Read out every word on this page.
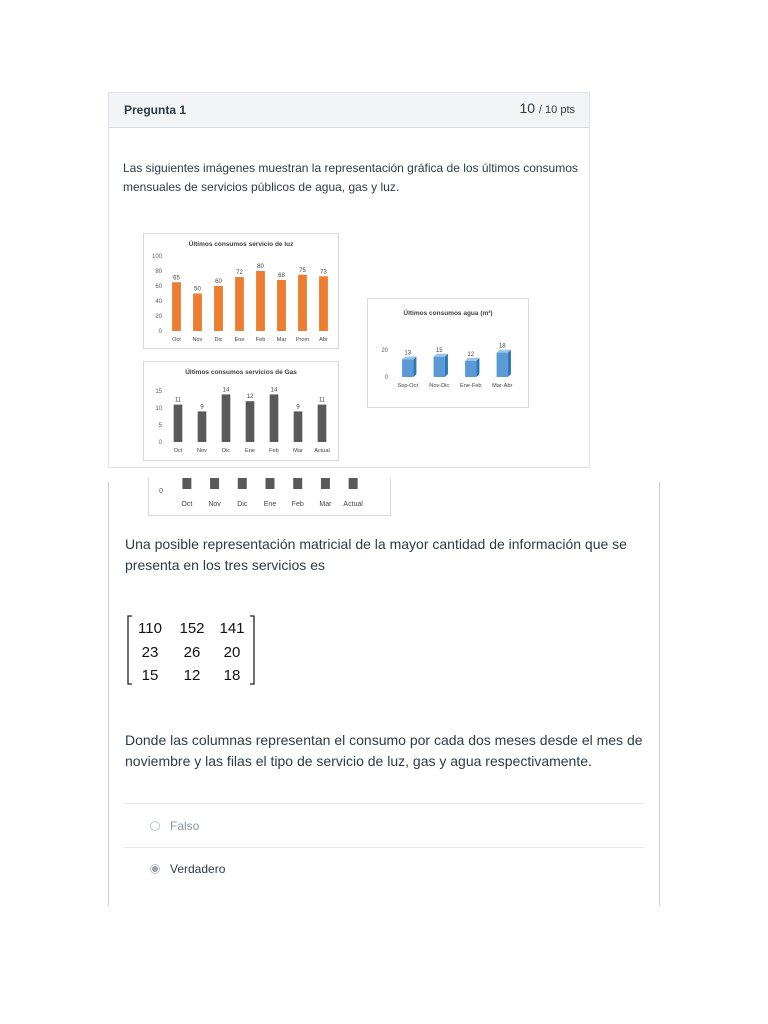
Pregunta 1	10 / 10 pts
Las siguientes imágenes muestran la representación gráfica de los últimos consumos mensuales de servicios públicos de agua, gas y luz.
Últimos consumos servicio de luz
0
20
40
60
80
100
65
Oct
50
Nov
60
Dic
72
Ene
80
Feb
68
Mar
75
Prom
73
Abr
Últimos consumos servicios de Gas
0
5
10
15
11
Oct
9
Nov
14
Dic
12
Ene
14
Feb
9
Mar
11
Actual
Últimos consumos agua (m³)
0
20	13
Sep-Oct
15
Nov-Dic
12
Ene-Feb
18
Mar-Abr
0
Oct Nov Dic Ene Feb Mar Actual
Una posible representación matricial de la mayor cantidad de información que se presenta en los tres servicios es
110 152 141
23 26 20
15 12 18
Donde las columnas representan el consumo por cada dos meses desde el mes de noviembre y las filas el tipo de servicio de luz, gas y agua respectivamente.
Falso
Verdadero
